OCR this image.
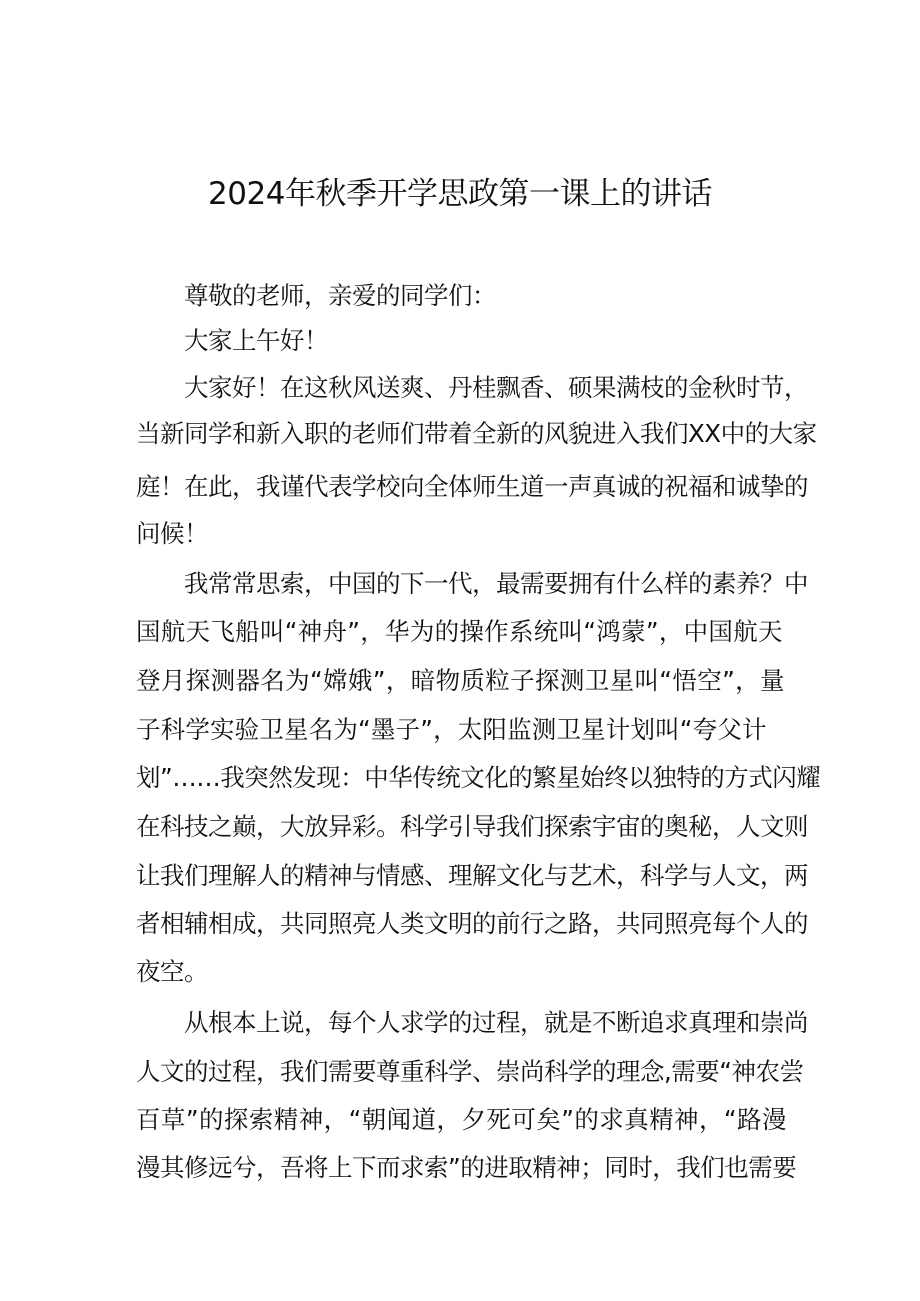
2024年秋季开学思政第一课上的讲话

尊敬的老师，亲爱的同学们：

大家上午好！

大家好！在这秋风送爽、丹桂飘香、硕果满枝的金秋时节，

当新同学和新入职的老师们带着全新的风貌进入我们XX中的大家

庭！在此，我谨代表学校向全体师生道一声真诚的祝福和诚挚的

问候！

我常常思索，中国的下一代，最需要拥有什么样的素养？中

国航天飞船叫“神舟”，华为的操作系统叫“鸿蒙”，中国航天

登月探测器名为“嫦娥”，暗物质粒子探测卫星叫“悟空”，量

子科学实验卫星名为“墨子”，太阳监测卫星计划叫“夸父计

划”……我突然发现：中华传统文化的繁星始终以独特的方式闪耀

在科技之巅，大放异彩。科学引导我们探索宇宙的奥秘，人文则

让我们理解人的精神与情感、理解文化与艺术，科学与人文，两

者相辅相成，共同照亮人类文明的前行之路，共同照亮每个人的

夜空。

从根本上说，每个人求学的过程，就是不断追求真理和崇尚

人文的过程，我们需要尊重科学、崇尚科学的理念,需要“神农尝

百草”的探索精神，“朝闻道，夕死可矣”的求真精神，“路漫

漫其修远兮，吾将上下而求索”的进取精神；同时，我们也需要
